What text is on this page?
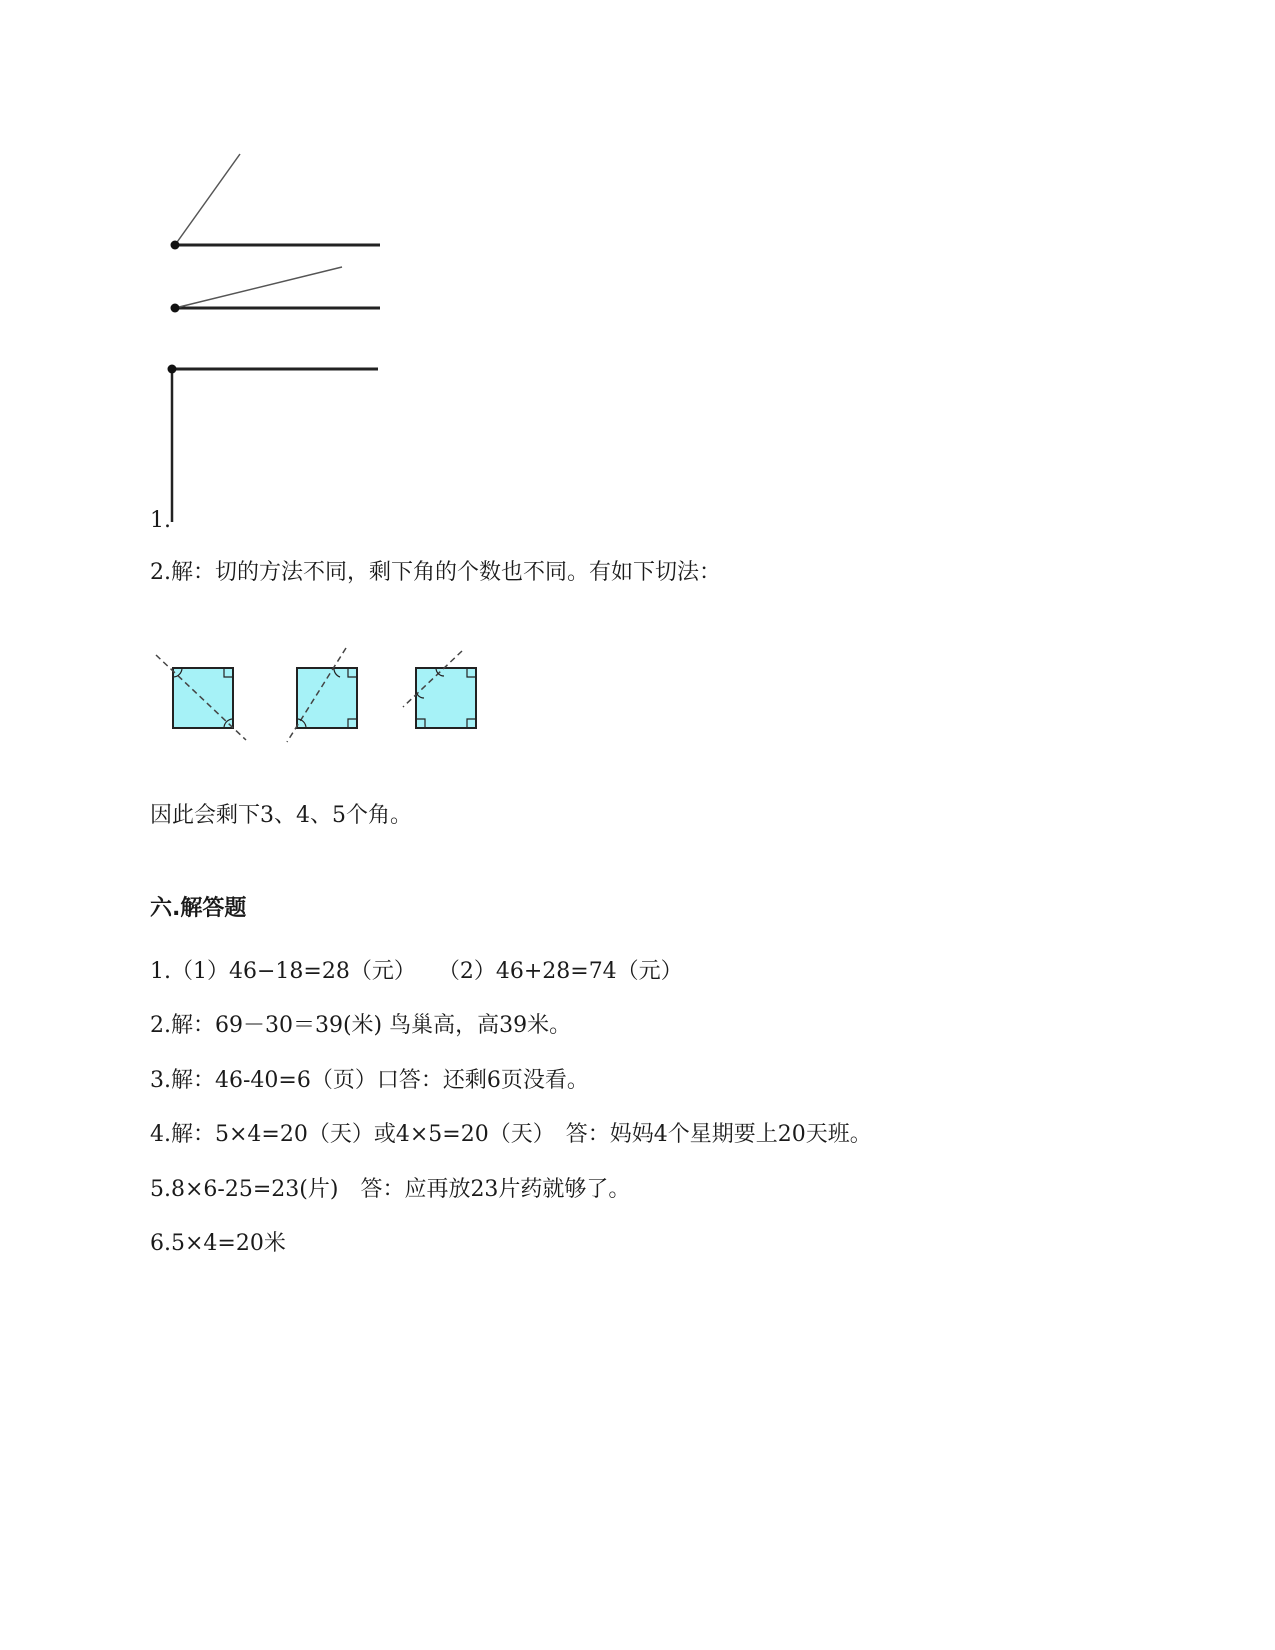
1.
2.解：切的方法不同，剩下角的个数也不同。有如下切法：
因此会剩下3、4、5个角。
六.解答题
1.（1）46−18=28（元）　　（2）46+28=74（元）
2.解：69－30＝39(米) 鸟巢高，高39米。
3.解：46-40=6（页）口答：还剩6页没看。
4.解：5×4=20（天）或4×5=20（天）　答：妈妈4个星期要上20天班。
5.8×6-25=23(片)　答：应再放23片药就够了。
6.5×4=20米
